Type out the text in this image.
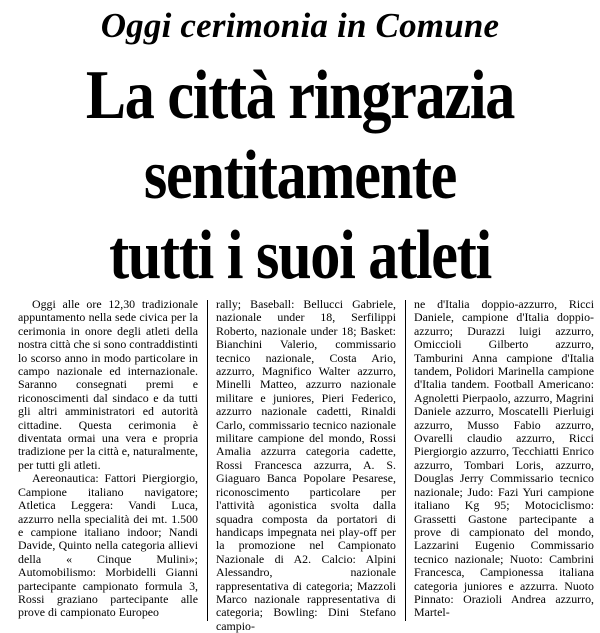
Oggi cerimonia in Comune
La città ringrazia
sentitamente
tutti i suoi atleti

Oggi alle ore 12,30 tradizionale appuntamento nella sede civica per la cerimonia in onore degli atleti della nostra città che si sono contraddistinti lo scorso anno in modo particolare in campo nazionale ed internazionale. Saranno consegnati premi e riconoscimenti dal sindaco e da tutti gli altri amministratori ed autorità cittadine. Questa cerimonia è diventata ormai una vera e propria tradizione per la città e, naturalmente, per tutti gli atleti.

Aereonautica: Fattori Piergiorgio, Campione italiano navigatore; Atletica Leggera: Vandi Luca, azzurro nella specialità dei mt. 1.500 e campione italiano indoor; Nandi Davide, Quinto nella categoria allievi della « Cinque Mulini»; Automobilismo: Morbidelli Gianni partecipante campionato formula 3, Rossi graziano partecipante alle prove di campionato Europeo

rally; Baseball: Bellucci Gabriele, nazionale under 18, Serfilippi Roberto, nazionale under 18; Basket: Bianchini Valerio, commissario tecnico nazionale, Costa Ario, azzurro, Magnifico Walter azzurro, Minelli Matteo, azzurro nazionale militare e juniores, Pieri Federico, azzurro nazionale cadetti, Rinaldi Carlo, commissario tecnico nazionale militare campione del mondo, Rossi Amalia azzurra categoria cadette, Rossi Francesca azzurra, A. S. Giaguaro Banca Popolare Pesarese, riconoscimento particolare per l'attività agonistica svolta dalla squadra composta da portatori di handicaps impegnata nei play-off per la promozione nel Campionato Nazionale di A2. Calcio: Alpini Alessandro, nazionale rappresentativa di categoria; Mazzoli Marco nazionale rappresentativa di categoria; Bowling: Dini Stefano campio-

ne d'Italia doppio-azzurro, Ricci Daniele, campione d'Italia doppio-azzurro; Durazzi luigi azzurro, Omiccioli Gilberto azzurro, Tamburini Anna campione d'Italia tandem, Polidori Marinella campione d'Italia tandem. Football Americano: Agnoletti Pierpaolo, azzurro, Magrini Daniele azzurro, Moscatelli Pierluigi azzurro, Musso Fabio azzurro, Ovarelli claudio azzurro, Ricci Piergiorgio azzurro, Tecchiatti Enrico azzurro, Tombari Loris, azzurro, Douglas Jerry Commissario tecnico nazionale; Judo: Fazi Yuri campione italiano Kg 95; Motociclismo: Grassetti Gastone partecipante a prove di campionato del mondo, Lazzarini Eugenio Commissario tecnico nazionale; Nuoto: Cambrini Francesca, Campionessa italiana categoria juniores e azzurra. Nuoto Pinnato: Orazioli Andrea azzurro, Martel-
